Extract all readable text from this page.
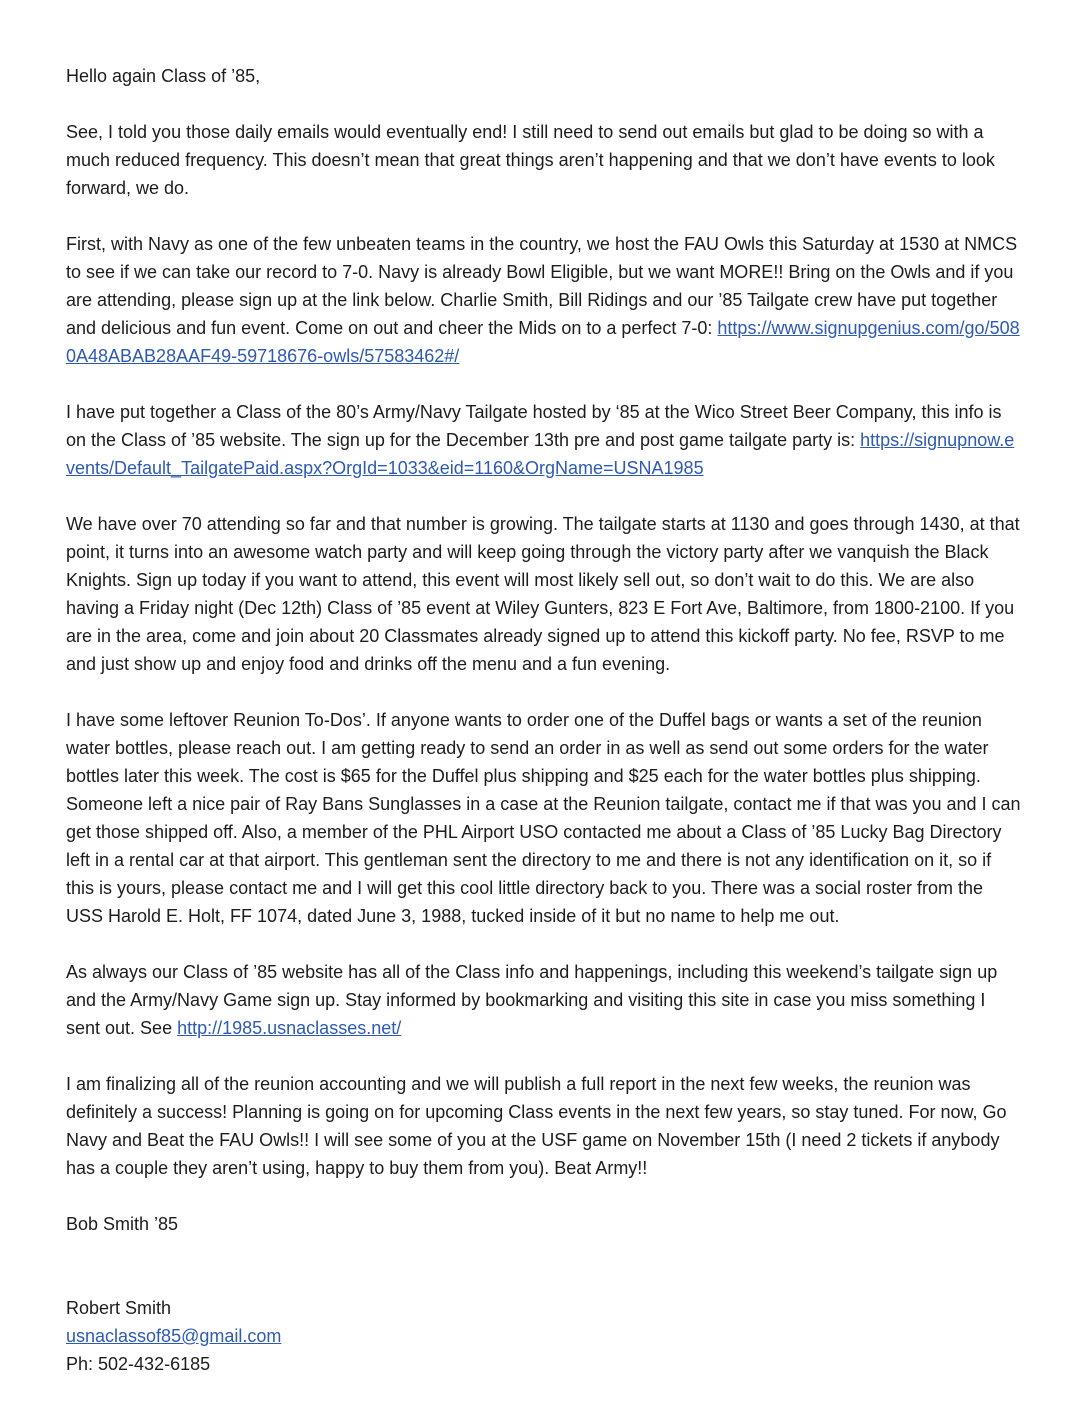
Hello again Class of ’85,

See, I told you those daily emails would eventually end! I still need to send out emails but glad to be doing so with a much reduced frequency. This doesn’t mean that great things aren’t happening and that we don’t have events to look forward, we do.

First, with Navy as one of the few unbeaten teams in the country, we host the FAU Owls this Saturday at 1530 at NMCS to see if we can take our record to 7-0. Navy is already Bowl Eligible, but we want MORE!! Bring on the Owls and if you are attending, please sign up at the link below. Charlie Smith, Bill Ridings and our ’85 Tailgate crew have put together and delicious and fun event. Come on out and cheer the Mids on to a perfect 7-0: https://www.signupgenius.com/go/5080A48ABAB28AAF49-59718676-owls/57583462#/

I have put together a Class of the 80’s Army/Navy Tailgate hosted by ‘85 at the Wico Street Beer Company, this info is on the Class of ’85 website. The sign up for the December 13th pre and post game tailgate party is: https://signupnow.events/Default_TailgatePaid.aspx?OrgId=1033&eid=1160&OrgName=USNA1985

We have over 70 attending so far and that number is growing. The tailgate starts at 1130 and goes through 1430, at that point, it turns into an awesome watch party and will keep going through the victory party after we vanquish the Black Knights. Sign up today if you want to attend, this event will most likely sell out, so don’t wait to do this. We are also having a Friday night (Dec 12th) Class of ’85 event at Wiley Gunters, 823 E Fort Ave, Baltimore, from 1800-2100. If you are in the area, come and join about 20 Classmates already signed up to attend this kickoff party. No fee, RSVP to me and just show up and enjoy food and drinks off the menu and a fun evening.

I have some leftover Reunion To-Dos’. If anyone wants to order one of the Duffel bags or wants a set of the reunion water bottles, please reach out. I am getting ready to send an order in as well as send out some orders for the water bottles later this week. The cost is $65 for the Duffel plus shipping and $25 each for the water bottles plus shipping. Someone left a nice pair of Ray Bans Sunglasses in a case at the Reunion tailgate, contact me if that was you and I can get those shipped off. Also, a member of the PHL Airport USO contacted me about a Class of ’85 Lucky Bag Directory left in a rental car at that airport. This gentleman sent the directory to me and there is not any identification on it, so if this is yours, please contact me and I will get this cool little directory back to you. There was a social roster from the USS Harold E. Holt, FF 1074, dated June 3, 1988, tucked inside of it but no name to help me out.

As always our Class of ’85 website has all of the Class info and happenings, including this weekend’s tailgate sign up and the Army/Navy Game sign up. Stay informed by bookmarking and visiting this site in case you miss something I sent out. See http://1985.usnaclasses.net/

I am finalizing all of the reunion accounting and we will publish a full report in the next few weeks, the reunion was definitely a success! Planning is going on for upcoming Class events in the next few years, so stay tuned. For now, Go Navy and Beat the FAU Owls!! I will see some of you at the USF game on November 15th (I need 2 tickets if anybody has a couple they aren’t using, happy to buy them from you). Beat Army!!

Bob Smith ’85

Robert Smith

usnaclassof85@gmail.com

Ph: 502-432-6185
